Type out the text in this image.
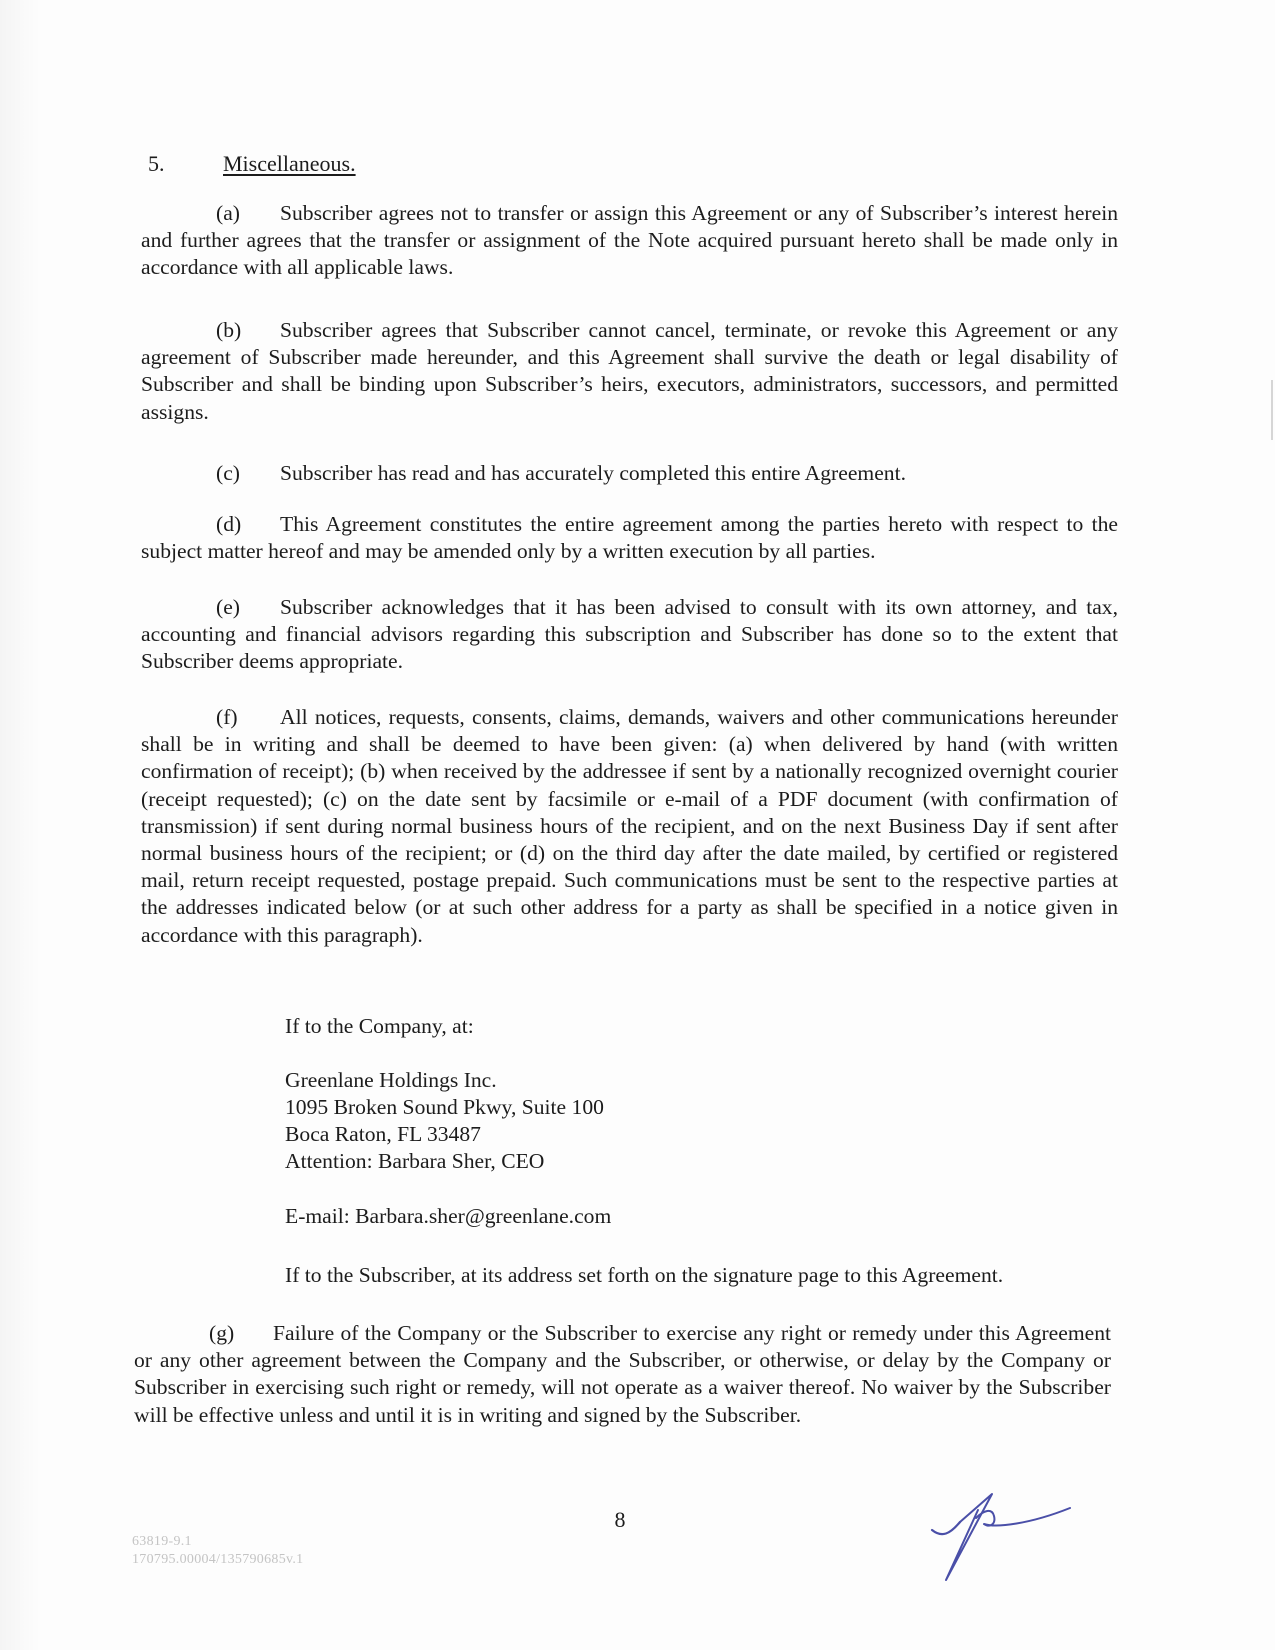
5.	Miscellaneous.
(a) Subscriber agrees not to transfer or assign this Agreement or any of Subscriber’s interest herein and further agrees that the transfer or assignment of the Note acquired pursuant hereto shall be made only in accordance with all applicable laws.
(b) Subscriber agrees that Subscriber cannot cancel, terminate, or revoke this Agreement or any agreement of Subscriber made hereunder, and this Agreement shall survive the death or legal disability of Subscriber and shall be binding upon Subscriber’s heirs, executors, administrators, successors, and permitted assigns.
(c) Subscriber has read and has accurately completed this entire Agreement.
(d) This Agreement constitutes the entire agreement among the parties hereto with respect to the subject matter hereof and may be amended only by a written execution by all parties.
(e) Subscriber acknowledges that it has been advised to consult with its own attorney, and tax, accounting and financial advisors regarding this subscription and Subscriber has done so to the extent that Subscriber deems appropriate.
(f) All notices, requests, consents, claims, demands, waivers and other communications hereunder shall be in writing and shall be deemed to have been given: (a) when delivered by hand (with written confirmation of receipt); (b) when received by the addressee if sent by a nationally recognized overnight courier (receipt requested); (c) on the date sent by facsimile or e-mail of a PDF document (with confirmation of transmission) if sent during normal business hours of the recipient, and on the next Business Day if sent after normal business hours of the recipient; or (d) on the third day after the date mailed, by certified or registered mail, return receipt requested, postage prepaid. Such communications must be sent to the respective parties at the addresses indicated below (or at such other address for a party as shall be specified in a notice given in accordance with this paragraph).
If to the Company, at:
Greenlane Holdings Inc.
1095 Broken Sound Pkwy, Suite 100
Boca Raton, FL 33487
Attention: Barbara Sher, CEO
E-mail: Barbara.sher@greenlane.com
If to the Subscriber, at its address set forth on the signature page to this Agreement.
(g) Failure of the Company or the Subscriber to exercise any right or remedy under this Agreement or any other agreement between the Company and the Subscriber, or otherwise, or delay by the Company or Subscriber in exercising such right or remedy, will not operate as a waiver thereof. No waiver by the Subscriber will be effective unless and until it is in writing and signed by the Subscriber.
8
63819-9.1
170795.00004/135790685v.1
